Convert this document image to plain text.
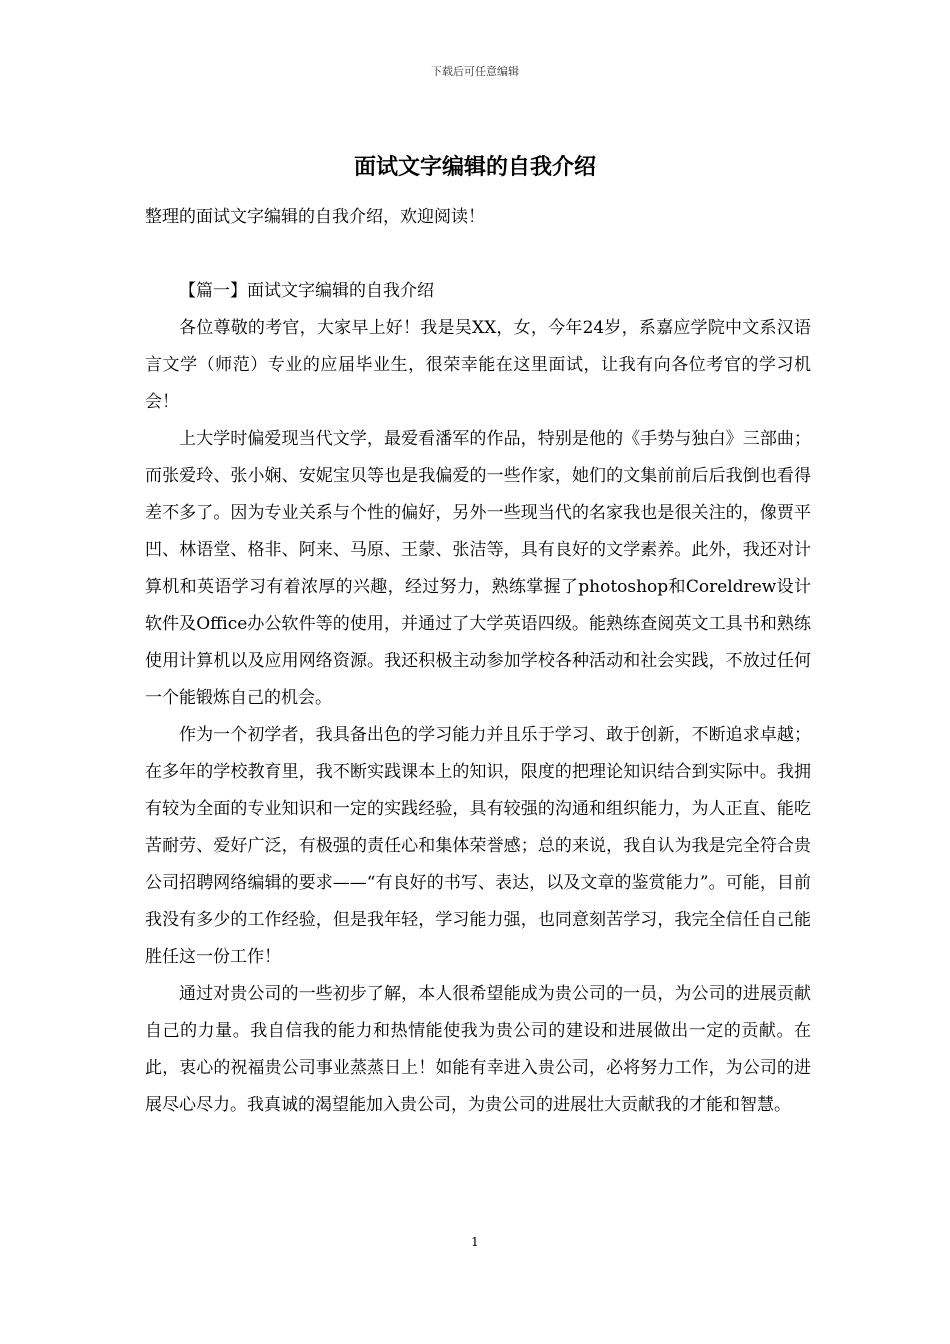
下载后可任意编辑
面试文字编辑的自我介绍

整理的面试文字编辑的自我介绍，欢迎阅读！

【篇一】面试文字编辑的自我介绍

各位尊敬的考官，大家早上好！我是吴XX，女，今年24岁，系嘉应学院中文系汉语言文学（师范）专业的应届毕业生，很荣幸能在这里面试，让我有向各位考官的学习机会！

上大学时偏爱现当代文学，最爱看潘军的作品，特别是他的《手势与独白》三部曲；而张爱玲、张小娴、安妮宝贝等也是我偏爱的一些作家，她们的文集前前后后我倒也看得差不多了。因为专业关系与个性的偏好，另外一些现当代的名家我也是很关注的，像贾平凹、林语堂、格非、阿来、马原、王蒙、张洁等，具有良好的文学素养。此外，我还对计算机和英语学习有着浓厚的兴趣，经过努力，熟练掌握了photoshop和Coreldrew设计软件及Office办公软件等的使用，并通过了大学英语四级。能熟练查阅英文工具书和熟练使用计算机以及应用网络资源。我还积极主动参加学校各种活动和社会实践，不放过任何一个能锻炼自己的机会。

作为一个初学者，我具备出色的学习能力并且乐于学习、敢于创新，不断追求卓越；在多年的学校教育里，我不断实践课本上的知识，限度的把理论知识结合到实际中。我拥有较为全面的专业知识和一定的实践经验，具有较强的沟通和组织能力，为人正直、能吃苦耐劳、爱好广泛，有极强的责任心和集体荣誉感；总的来说，我自认为我是完全符合贵公司招聘网络编辑的要求——“有良好的书写、表达，以及文章的鉴赏能力”。可能，目前我没有多少的工作经验，但是我年轻，学习能力强，也同意刻苦学习，我完全信任自己能胜任这一份工作！

通过对贵公司的一些初步了解，本人很希望能成为贵公司的一员，为公司的进展贡献自己的力量。我自信我的能力和热情能使我为贵公司的建设和进展做出一定的贡献。在此，衷心的祝福贵公司事业蒸蒸日上！如能有幸进入贵公司，必将努力工作，为公司的进展尽心尽力。我真诚的渴望能加入贵公司，为贵公司的进展壮大贡献我的才能和智慧。

1
